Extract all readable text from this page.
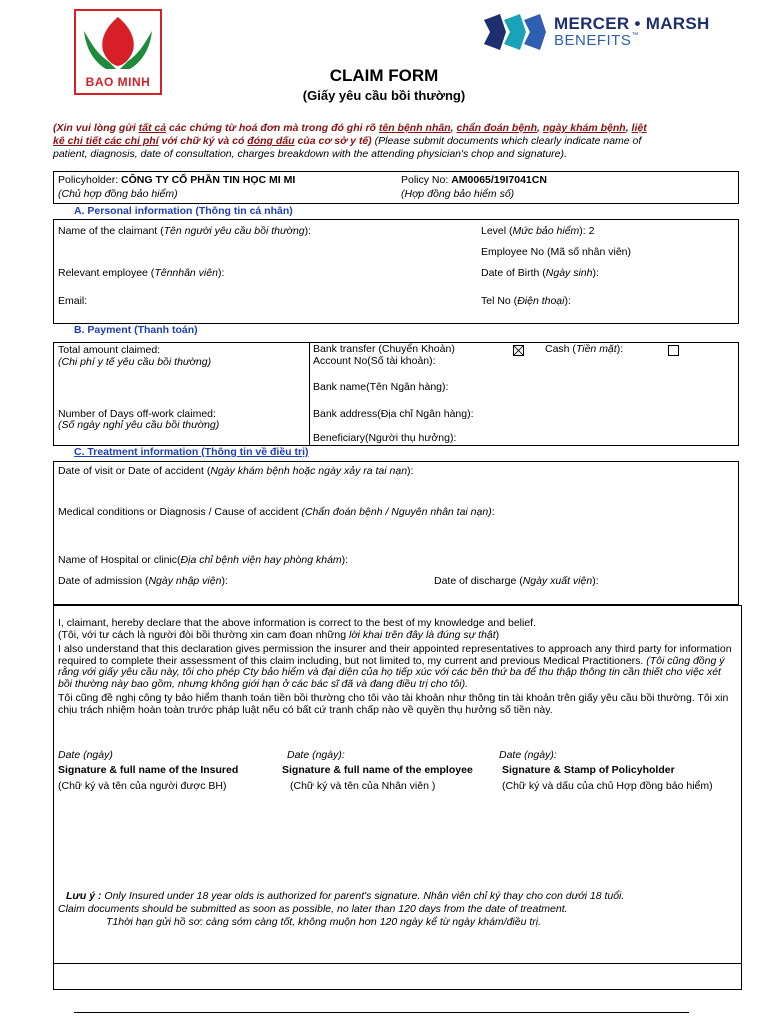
BAO MINH
MERCER • MARSH
BENEFITS™
CLAIM FORM
(Giấy yêu cầu bồi thường)
(Xin vui lòng gửi tất cả các chứng từ hoá đơn mà trong đó ghi rõ tên bệnh nhân, chẩn đoán bệnh, ngày khám bệnh, liệt
kê chi tiết các chi phí với chữ ký và có đóng dấu của cơ sở y tế) (Please submit documents which clearly indicate name of
patient, diagnosis, date of consultation, charges breakdown with the attending physician's chop and signature).
Policyholder: CÔNG TY CỔ PHẦN TIN HỌC MI MI
(Chủ hợp đồng bảo hiểm)
Policy No: AM0065/19I7041CN
(Hợp đồng bảo hiểm số)
A. Personal information (Thông tin cá nhân)
Name of the claimant (Tên người yêu cầu bồi thường):	Level (Mức bảo hiểm): 2
Employee No (Mã số nhân viên)
Relevant employee (Tênnhân viên):	Date of Birth (Ngày sinh):
Email:	Tel No (Điện thoại):
B. Payment (Thanh toán)
Total amount claimed:
(Chi phí y tế yêu cầu bồi thường)
Number of Days off-work claimed:
(Số ngày nghỉ yêu cầu bồi thường)
Bank transfer (Chuyển Khoản)	Cash (Tiền mặt):
Account No(Số tài khoản):
Bank name(Tên Ngân hàng):
Bank address(Địa chỉ Ngân hàng):
Beneficiary(Người thụ hưởng):
C. Treatment information (Thông tin về điều trị)
Date of visit or Date of accident (Ngày khám bệnh hoặc ngày xảy ra tai nạn):
Medical conditions or Diagnosis / Cause of accident (Chẩn đoán bệnh / Nguyên nhân tai nạn):
Name of Hospital or clinic(Địa chỉ bệnh viện hay phòng khám):
Date of admission (Ngày nhập viện):	Date of discharge (Ngày xuất viện):

I, claimant, hereby declare that the above information is correct to the best of my knowledge and belief.

(Tôi, với tư cách là người đòi bồi thường xin cam đoan những lời khai trên đây là đúng sự thật)

I also understand that this declaration gives permission the insurer and their appointed representatives to approach any third party for information required to complete their assessment of this claim including, but not limited to, my current and previous Medical Practitioners. (Tôi cũng đồng ý rằng với giấy yêu cầu này, tôi cho phép Cty bảo hiểm và đại diện của họ tiếp xúc với các bên thứ ba để thu thập thông tin cần thiết cho việc xét bồi thường này bao gồm, nhưng không giới hạn ở các bác sĩ đã và đang điều trị cho tôi).

Tôi cũng đề nghị công ty bảo hiểm thanh toán tiền bồi thường cho tôi vào tài khoản như thông tin tài khoản trên giấy yêu cầu bồi thường. Tôi xin chịu trách nhiệm hoàn toàn trước pháp luật nếu có bất cứ tranh chấp nào về quyền thụ hưởng số tiền này.

Date (ngày)	Date (ngày):	Date (ngày):
Signature & full name of the Insured	Signature & full name of the employee	Signature & Stamp of Policyholder
(Chữ ký và tên của người được BH)	(Chữ ký và tên của Nhân viên )	(Chữ ký và dấu của chủ Hợp đồng bảo hiểm)
Lưu ý : Only Insured under 18 year olds is authorized for parent's signature. Nhân viên chỉ ký thay cho con dưới 18 tuổi.
Claim documents should be submitted as soon as possible, no later than 120 days from the date of treatment.
T1hời hạn gửi hồ sơ: càng sớm càng tốt, không muộn hơn 120 ngày kể từ ngày khám/điều trị.
